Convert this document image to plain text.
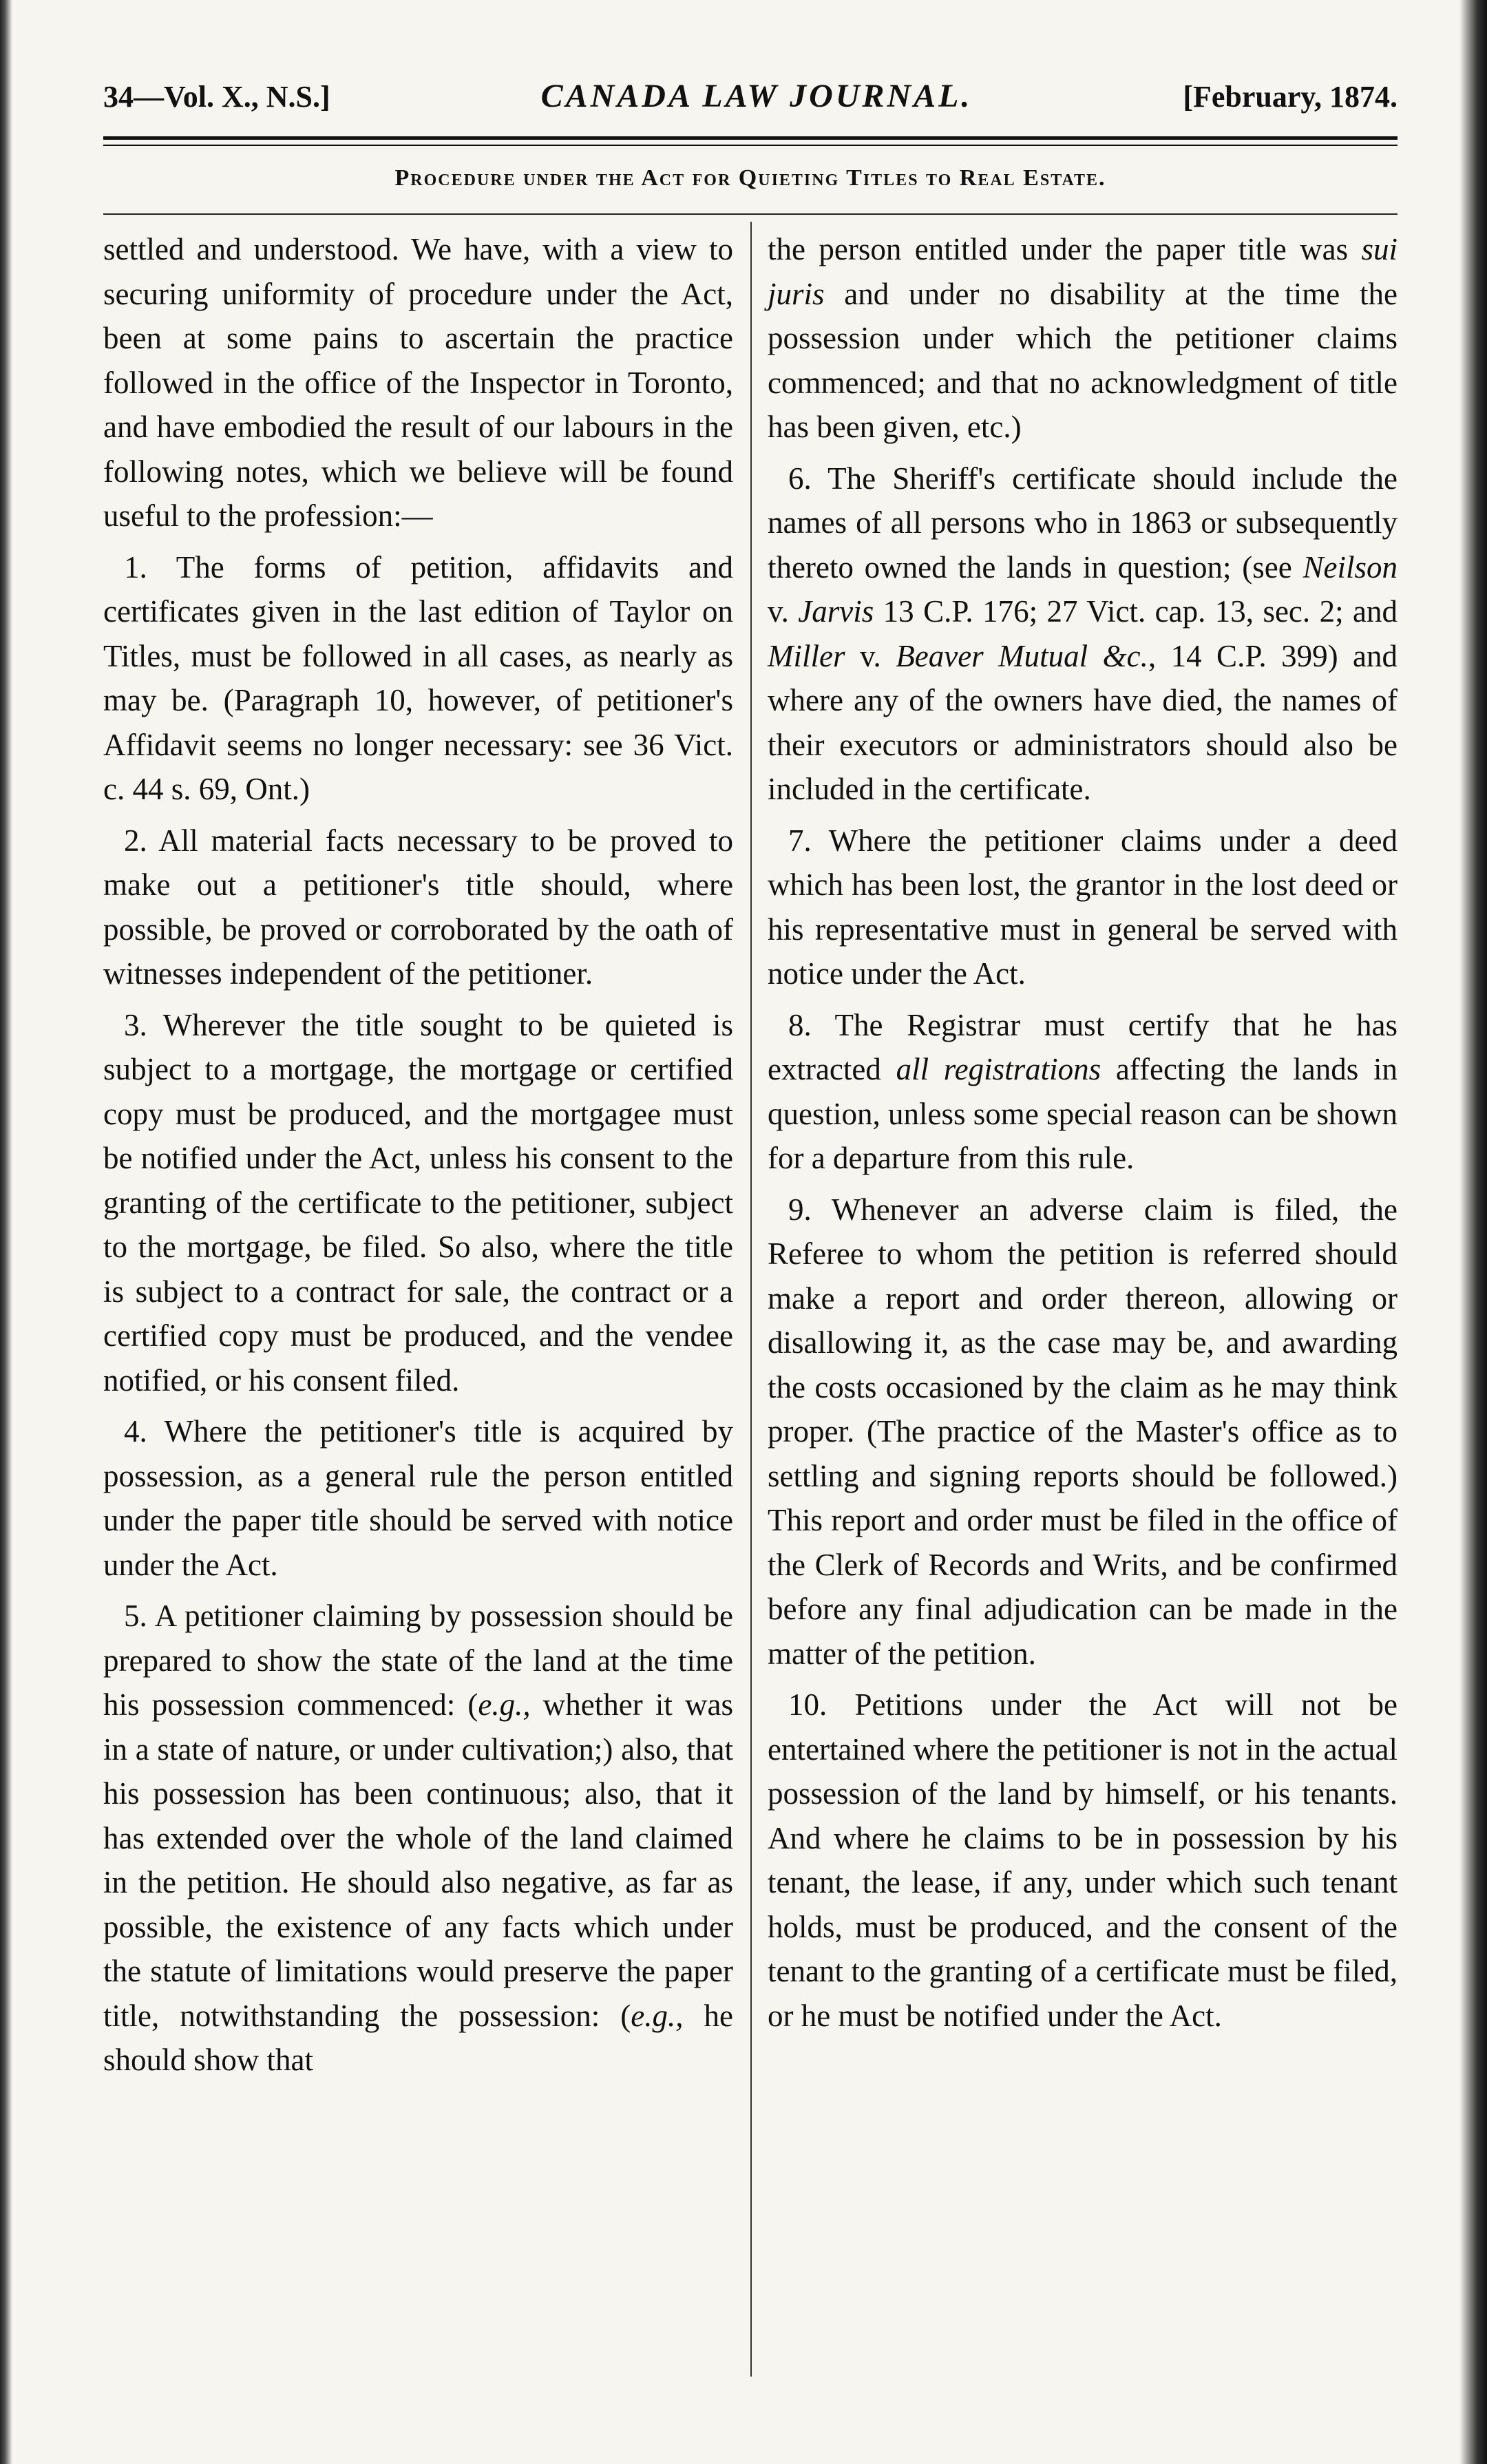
34—Vol. X., N.S.]	CANADA LAW JOURNAL.	[February, 1874.
Procedure under the Act for Quieting Titles to Real Estate.

settled and understood. We have, with a view to securing uniformity of procedure under the Act, been at some pains to ascertain the practice followed in the office of the Inspector in Toronto, and have embodied the result of our labours in the following notes, which we believe will be found useful to the profession:—

1. The forms of petition, affidavits and certificates given in the last edition of Taylor on Titles, must be followed in all cases, as nearly as may be. (Paragraph 10, however, of petitioner's Affidavit seems no longer necessary: see 36 Vict. c. 44 s. 69, Ont.)

2. All material facts necessary to be proved to make out a petitioner's title should, where possible, be proved or corroborated by the oath of witnesses independent of the petitioner.

3. Wherever the title sought to be quieted is subject to a mortgage, the mortgage or certified copy must be produced, and the mortgagee must be notified under the Act, unless his consent to the granting of the certificate to the petitioner, subject to the mortgage, be filed. So also, where the title is subject to a contract for sale, the contract or a certified copy must be produced, and the vendee notified, or his consent filed.

4. Where the petitioner's title is acquired by possession, as a general rule the person entitled under the paper title should be served with notice under the Act.

5. A petitioner claiming by possession should be prepared to show the state of the land at the time his possession commenced: (e.g., whether it was in a state of nature, or under cultivation;) also, that his possession has been continuous; also, that it has extended over the whole of the land claimed in the petition. He should also negative, as far as possible, the existence of any facts which under the statute of limitations would preserve the paper title, notwithstanding the possession: (e.g., he should show that

the person entitled under the paper title was sui juris and under no disability at the time the possession under which the petitioner claims commenced; and that no acknowledgment of title has been given, etc.)

6. The Sheriff's certificate should include the names of all persons who in 1863 or subsequently thereto owned the lands in question; (see Neilson v. Jarvis 13 C.P. 176; 27 Vict. cap. 13, sec. 2; and Miller v. Beaver Mutual &c., 14 C.P. 399) and where any of the owners have died, the names of their executors or administrators should also be included in the certificate.

7. Where the petitioner claims under a deed which has been lost, the grantor in the lost deed or his representative must in general be served with notice under the Act.

8. The Registrar must certify that he has extracted all registrations affecting the lands in question, unless some special reason can be shown for a departure from this rule.

9. Whenever an adverse claim is filed, the Referee to whom the petition is referred should make a report and order thereon, allowing or disallowing it, as the case may be, and awarding the costs occasioned by the claim as he may think proper. (The practice of the Master's office as to settling and signing reports should be followed.) This report and order must be filed in the office of the Clerk of Records and Writs, and be confirmed before any final adjudication can be made in the matter of the petition.

10. Petitions under the Act will not be entertained where the petitioner is not in the actual possession of the land by himself, or his tenants. And where he claims to be in possession by his tenant, the lease, if any, under which such tenant holds, must be produced, and the consent of the tenant to the granting of a certificate must be filed, or he must be notified under the Act.
